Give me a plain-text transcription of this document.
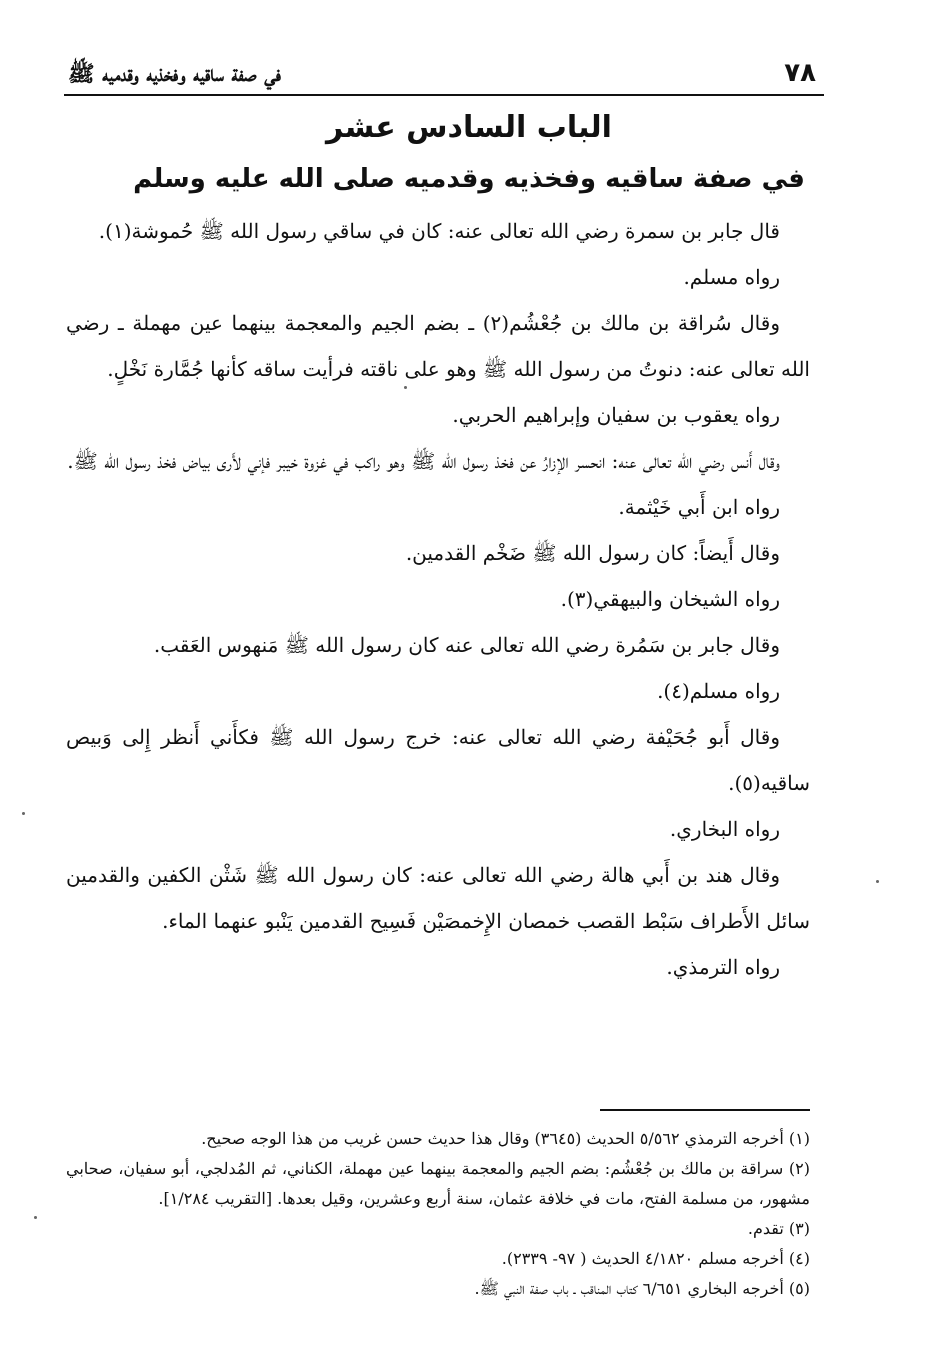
٧٨
في صفة ساقيه وفخذيه وقدميه ﷺ
الباب السادس عشر
في صفة ساقيه وفخذيه وقدميه صلى الله عليه وسلم

قال جابر بن سمرة رضي الله تعالى عنه: كان في ساقي رسول الله ﷺ حُموشة(١).

رواه مسلم.

وقال سُراقة بن مالك بن جُعْشُم(٢) ـ بضم الجيم والمعجمة بينهما عين مهملة ـ رضي الله تعالى عنه: دنوتُ من رسول الله ﷺ وهو على ناقته فرأيت ساقه كأنها جُمَّارة نَخْلٍ.

رواه يعقوب بن سفيان وإبراهيم الحربي.

وقال أَنس رضي الله تعالى عنه: انحسر الإزارُ عن فخذ رسول الله ﷺ وهو راكب في غزوة خيبر فإني لأَرى بياض فخذ رسول الله ﷺ.

رواه ابن أَبي خَيْثمة.

وقال أَيضاً: كان رسول الله ﷺ ضَخْم القدمين.

رواه الشيخان والبيهقي(٣).

وقال جابر بن سَمُرة رضي الله تعالى عنه كان رسول الله ﷺ مَنهوس العَقب.

رواه مسلم(٤).

وقال أَبو جُحَيْفة رضي الله تعالى عنه: خرج رسول الله ﷺ فكأَني أَنظر إِلى وَبيص ساقيه(٥).

رواه البخاري.

وقال هند بن أَبي هالة رضي الله تعالى عنه: كان رسول الله ﷺ شَثْن الكفين والقدمين سائل الأَطراف سَبْط القصب خمصان الإِخمصَيْن فَسِيح القدمين يَنْبو عنهما الماء.

رواه الترمذي.

(١) أخرجه الترمذي ٥/٥٦٢ الحديث (٣٦٤٥) وقال هذا حديث حسن غريب من هذا الوجه صحيح.

(٢) سراقة بن مالك بن جُعْشُم: بضم الجيم والمعجمة بينهما عين مهملة، الكناني، ثم المُدلجي، أبو سفيان، صحابي مشهور، من مسلمة الفتح، مات في خلافة عثمان، سنة أربع وعشرين، وقيل بعدها. [التقريب ١/٢٨٤].

(٣) تقدم.

(٤) أخرجه مسلم ٤/١٨٢٠ الحديث ( ٩٧- ٢٣٣٩).

(٥) أخرجه البخاري ٦/٦٥١ كتاب المناقب ـ باب صفة النبي ﷺ.
